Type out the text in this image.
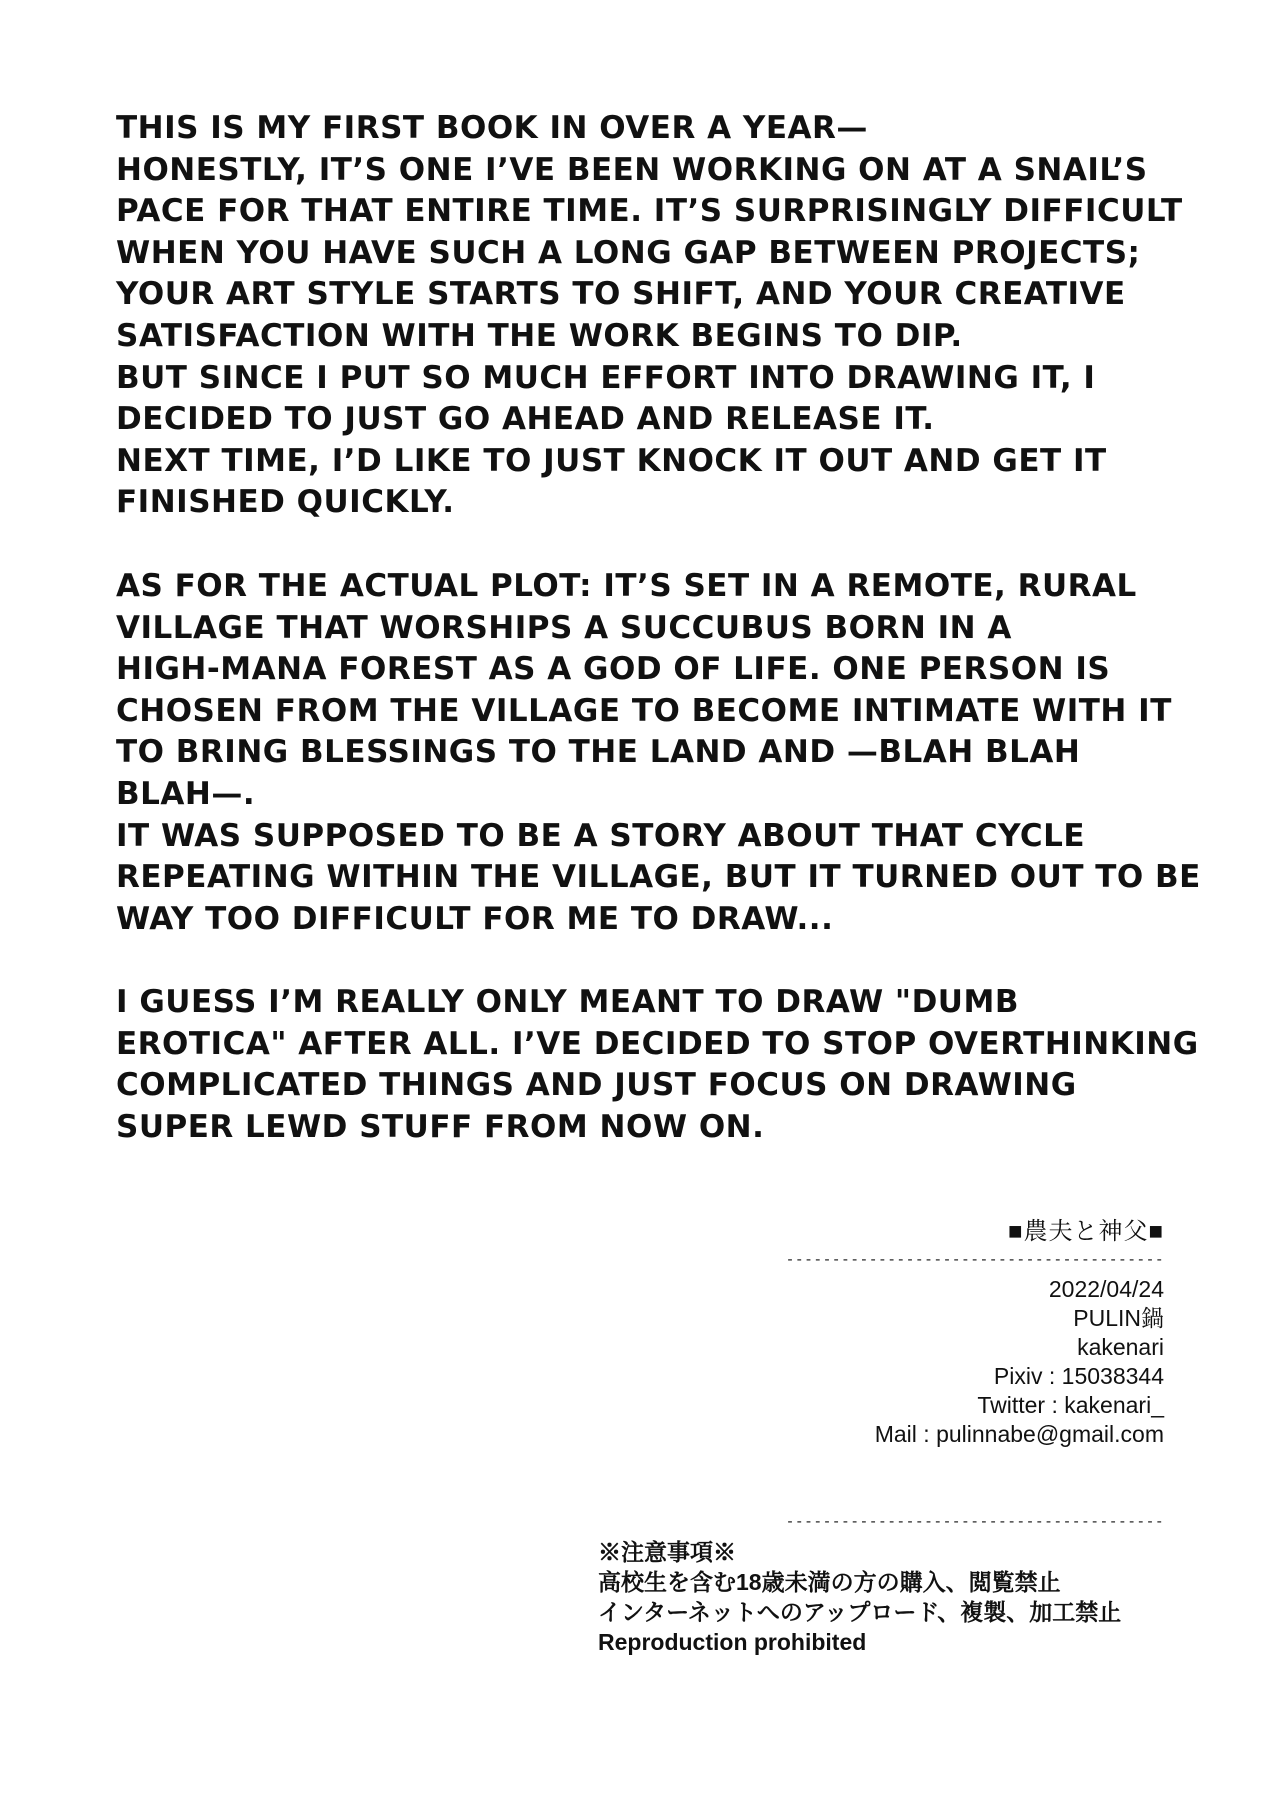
THIS IS MY FIRST BOOK IN OVER A YEAR—
HONESTLY, IT’S ONE I’VE BEEN WORKING ON AT A SNAIL’S
PACE FOR THAT ENTIRE TIME. IT’S SURPRISINGLY DIFFICULT
WHEN YOU HAVE SUCH A LONG GAP BETWEEN PROJECTS;
YOUR ART STYLE STARTS TO SHIFT, AND YOUR CREATIVE
SATISFACTION WITH THE WORK BEGINS TO DIP.
BUT SINCE I PUT SO MUCH EFFORT INTO DRAWING IT, I
DECIDED TO JUST GO AHEAD AND RELEASE IT.
NEXT TIME, I’D LIKE TO JUST KNOCK IT OUT AND GET IT
FINISHED QUICKLY.
AS FOR THE ACTUAL PLOT: IT’S SET IN A REMOTE, RURAL
VILLAGE THAT WORSHIPS A SUCCUBUS BORN IN A
HIGH-MANA FOREST AS A GOD OF LIFE. ONE PERSON IS
CHOSEN FROM THE VILLAGE TO BECOME INTIMATE WITH IT
TO BRING BLESSINGS TO THE LAND AND —BLAH BLAH
BLAH—.
IT WAS SUPPOSED TO BE A STORY ABOUT THAT CYCLE
REPEATING WITHIN THE VILLAGE, BUT IT TURNED OUT TO BE
WAY TOO DIFFICULT FOR ME TO DRAW...
I GUESS I’M REALLY ONLY MEANT TO DRAW "DUMB
EROTICA" AFTER ALL. I’VE DECIDED TO STOP OVERTHINKING
COMPLICATED THINGS AND JUST FOCUS ON DRAWING
SUPER LEWD STUFF FROM NOW ON.
■農夫と神父■
-----------------------------------------
2022/04/24
PULIN鍋
kakenari
Pixiv : 15038344
Twitter : kakenari_
Mail : pulinnabe@gmail.com
-----------------------------------------
※注意事項※
高校生を含む18歳未満の方の購入、閲覧禁止
インターネットへのアップロード、複製、加工禁止
Reproduction prohibited
